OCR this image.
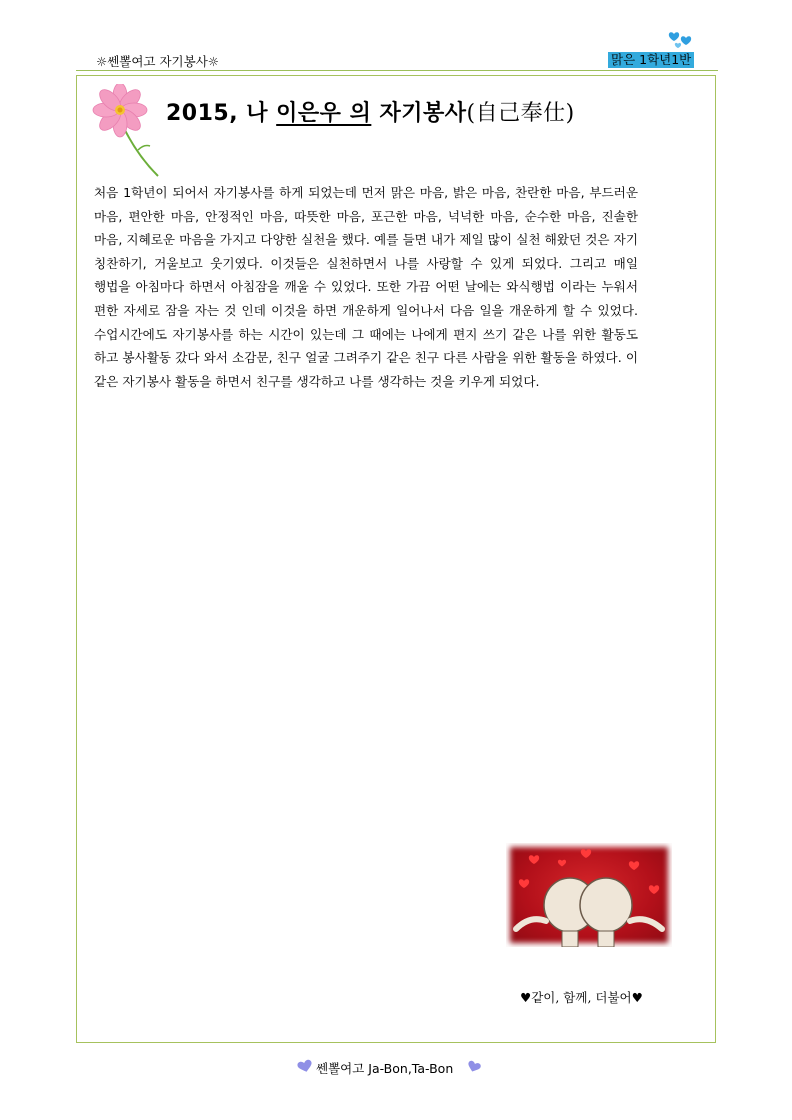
☼쎈뽈여고 자기봉사☼	맑은 1학년1반
2015, 나 이은우 의 자기봉사(自己奉仕)
처음 1학년이 되어서 자기봉사를 하게 되었는데 먼저 맑은 마음, 밝은 마음, 찬란한 마음, 부드러운 마음, 편안한 마음, 안정적인 마음, 따뜻한 마음, 포근한 마음, 넉넉한 마음, 순수한 마음, 진솔한 마음, 지혜로운 마음을 가지고 다양한 실천을 했다. 예를 들면 내가 제일 많이 실천 해왔던 것은 자기 칭찬하기, 거울보고 웃기였다. 이것들은 실천하면서 나를 사랑할 수 있게 되었다. 그리고 매일 행법을 아침마다 하면서 아침잠을 깨울 수 있었다. 또한 가끔 어떤 날에는 와식행법 이라는 누워서 편한 자세로 잠을 자는 것 인데 이것을 하면 개운하게 일어나서 다음 일을 개운하게 할 수 있었다. 수업시간에도 자기봉사를 하는 시간이 있는데 그 때에는 나에게 편지 쓰기 같은 나를 위한 활동도 하고 봉사활동 갔다 와서 소감문, 친구 얼굴 그려주기 같은 친구 다른 사람을 위한 활동을 하였다. 이 같은 자기봉사 활동을 하면서 친구를 생각하고 나를 생각하는 것을 키우게 되었다.
♥같이, 함께, 더불어♥
쎈뽈여고 Ja-Bon,Ta-Bon
